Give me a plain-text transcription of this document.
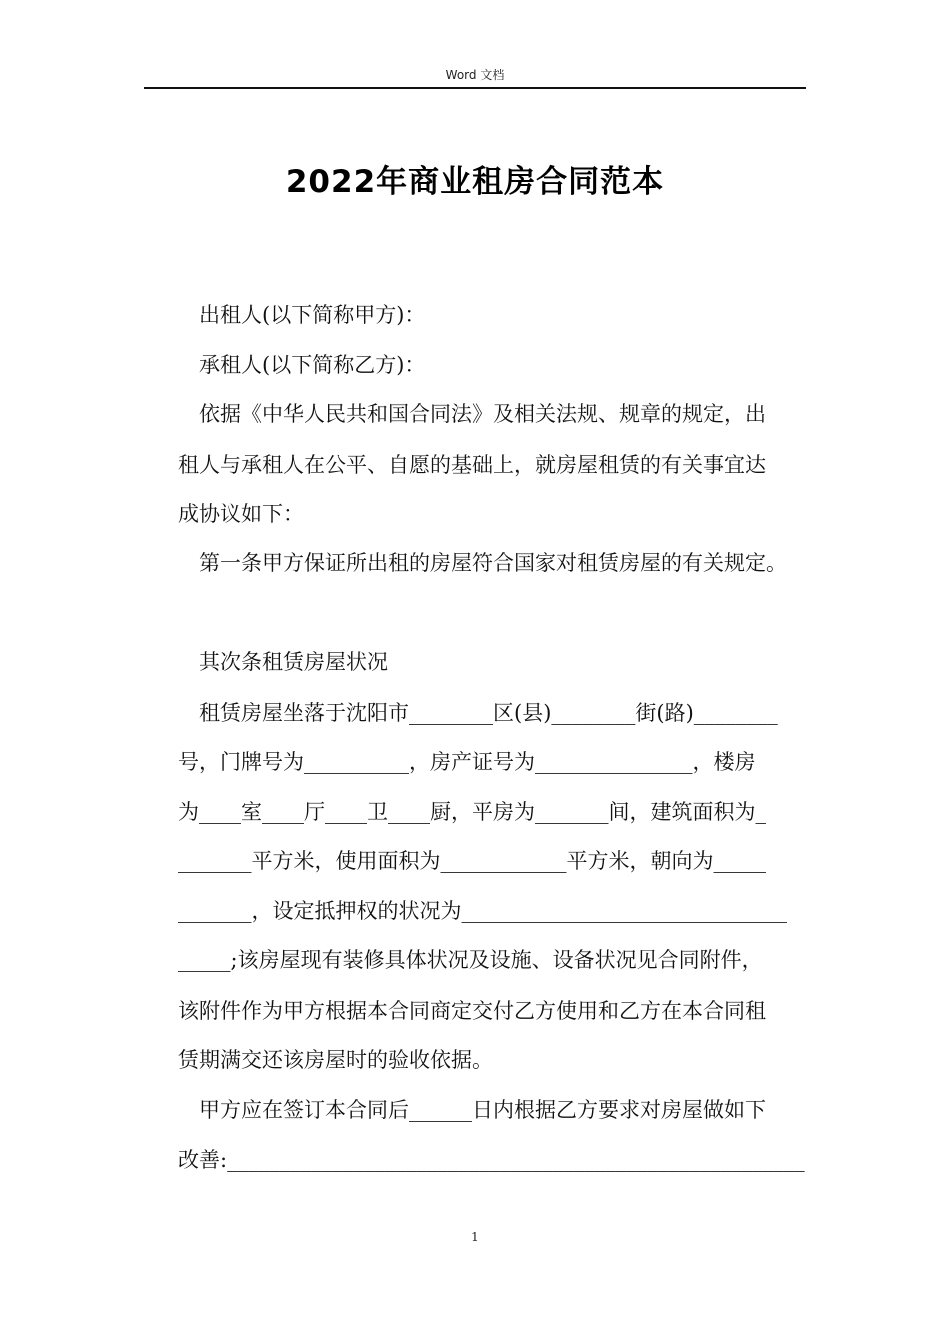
Word 文档
2022年商业租房合同范本
出租人(以下简称甲方)：
承租人(以下简称乙方)：
依据《中华人民共和国合同法》及相关法规、规章的规定，出
租人与承租人在公平、自愿的基础上，就房屋租赁的有关事宜达
成协议如下：
第一条甲方保证所出租的房屋符合国家对租赁房屋的有关规定。
其次条租赁房屋状况
租赁房屋坐落于沈阳市________区(县)________街(路)________
号，门牌号为__________，房产证号为_______________，楼房
为____室____厅____卫____厨，平房为_______间，建筑面积为_
_______平方米，使用面积为____________平方米，朝向为_____
_______，设定抵押权的状况为_______________________________
_____;该房屋现有装修具体状况及设施、设备状况见合同附件，
该附件作为甲方根据本合同商定交付乙方使用和乙方在本合同租
赁期满交还该房屋时的验收依据。
甲方应在签订本合同后______日内根据乙方要求对房屋做如下
改善:_______________________________________________________
1
